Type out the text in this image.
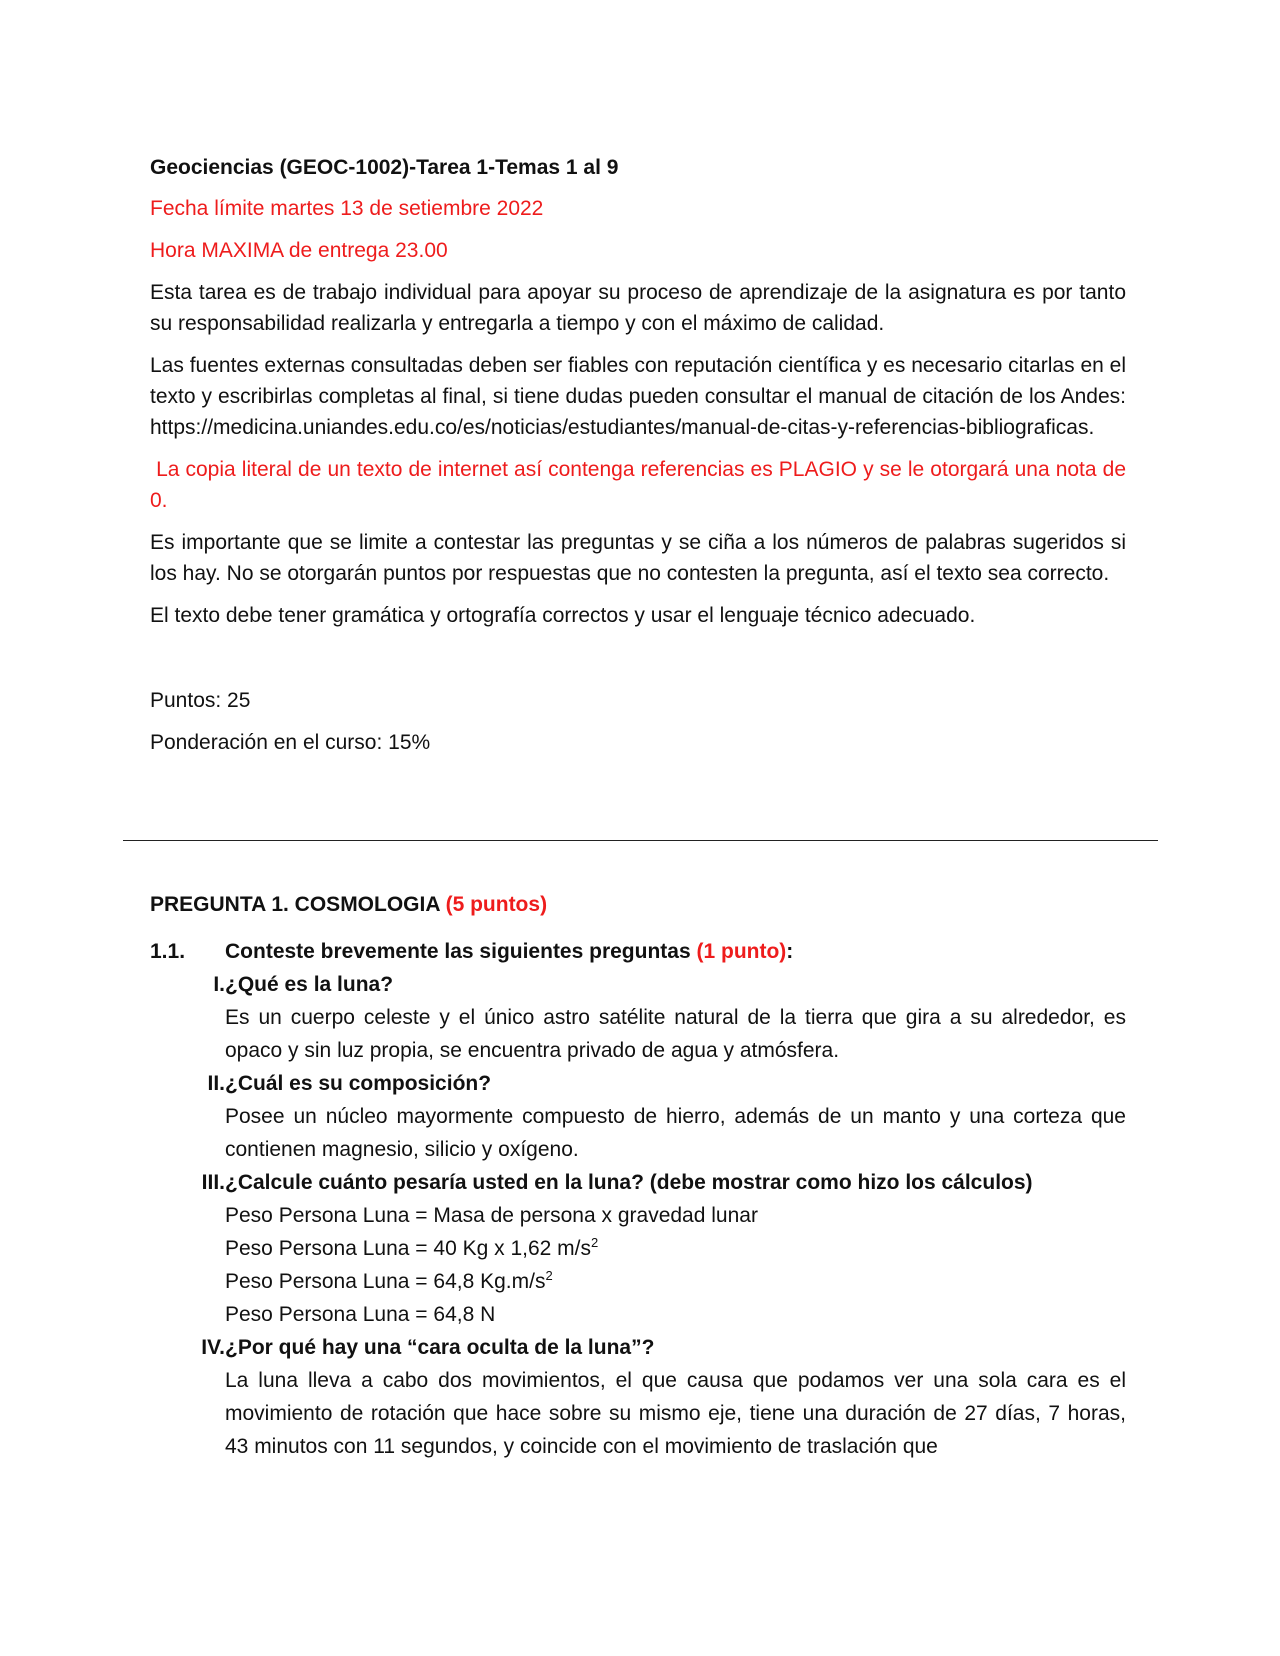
Geociencias (GEOC-1002)-Tarea 1-Temas 1 al 9

Fecha límite martes 13 de setiembre 2022

Hora MAXIMA de entrega 23.00

Esta tarea es de trabajo individual para apoyar su proceso de aprendizaje de la asignatura es por tanto su responsabilidad realizarla y entregarla a tiempo y con el máximo de calidad.

Las fuentes externas consultadas deben ser fiables con reputación científica y es necesario citarlas en el texto y escribirlas completas al final, si tiene dudas pueden consultar el manual de citación de los Andes: https://medicina.uniandes.edu.co/es/noticias/estudiantes/manual-de-citas-y-referencias-bibliograficas.

La copia literal de un texto de internet así contenga referencias es PLAGIO y se le otorgará una nota de 0.

Es importante que se limite a contestar las preguntas y se ciña a los números de palabras sugeridos si los hay. No se otorgarán puntos por respuestas que no contesten la pregunta, así el texto sea correcto.

El texto debe tener gramática y ortografía correctos y usar el lenguaje técnico adecuado.

Puntos: 25

Ponderación en el curso: 15%

PREGUNTA 1. COSMOLOGIA (5 puntos)

1.1.	Conteste brevemente las siguientes preguntas (1 punto):
I. ¿Qué es la luna?
Es un cuerpo celeste y el único astro satélite natural de la tierra que gira a su alrededor, es opaco y sin luz propia, se encuentra privado de agua y atmósfera.
II. ¿Cuál es su composición?
Posee un núcleo mayormente compuesto de hierro, además de un manto y una corteza que contienen magnesio, silicio y oxígeno.
III. ¿Calcule cuánto pesaría usted en la luna? (debe mostrar como hizo los cálculos)
Peso Persona Luna = Masa de persona x gravedad lunar
Peso Persona Luna = 40 Kg x 1,62 $m/s^2$
Peso Persona Luna = 64,8 $Kg.m/s^2$
Peso Persona Luna = 64,8 N
IV. ¿Por qué hay una “cara oculta de la luna”?
La luna lleva a cabo dos movimientos, el que causa que podamos ver una sola cara es el movimiento de rotación que hace sobre su mismo eje, tiene una duración de 27 días, 7 horas, 43 minutos con 11 segundos, y coincide con el movimiento de traslación que
